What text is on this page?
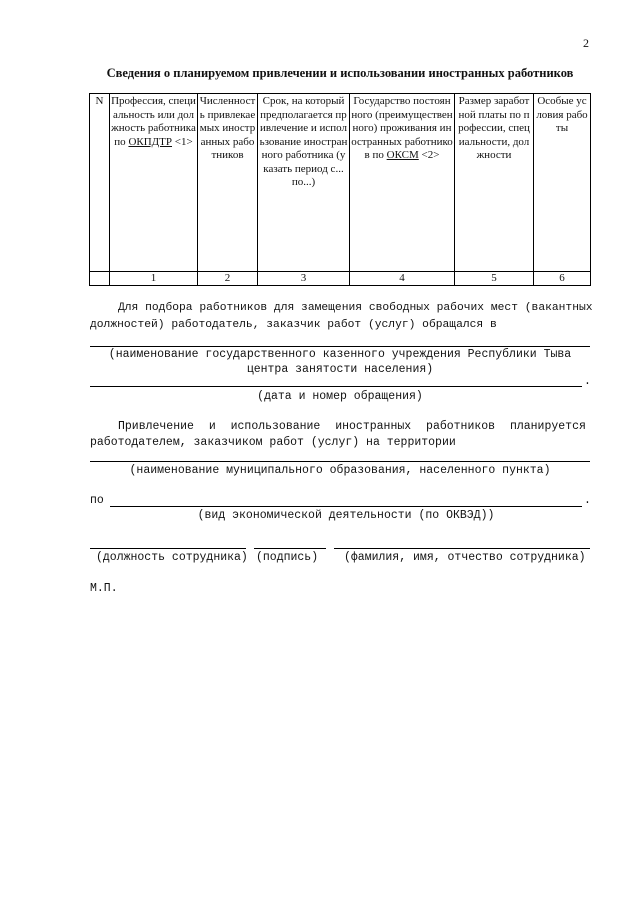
2
Сведения о планируемом привлечении и использовании иностранных работников
N	Профессия, специальность или должность работника по ОКПДТР <1>	Численность привлекаемых иностранных работников	Срок, на который предполагается привлечение и использование иностранного работника (указать период с... по...)	Государство постоянного (преимущественного) проживания иностранных работников по ОКСМ <2>	Размер заработной платы по профессии, специальности, должности	Особые условия работы
	1	2	3	4	5	6
Для подбора работников для замещения свободных рабочих мест (вакантных
должностей) работодатель, заказчик работ (услуг) обращался в
(наименование государственного казенного учреждения Республики Тыва
центра занятости населения)
.
(дата и номер обращения)
Привлечение и использование иностранных работников планируется
работодателем, заказчиком работ (услуг) на территории
(наименование муниципального образования, населенного пункта)
по	.
(вид экономической деятельности (по ОКВЭД))
(должность сотрудника) (подпись) (фамилия, имя, отчество сотрудника)
М.П.
